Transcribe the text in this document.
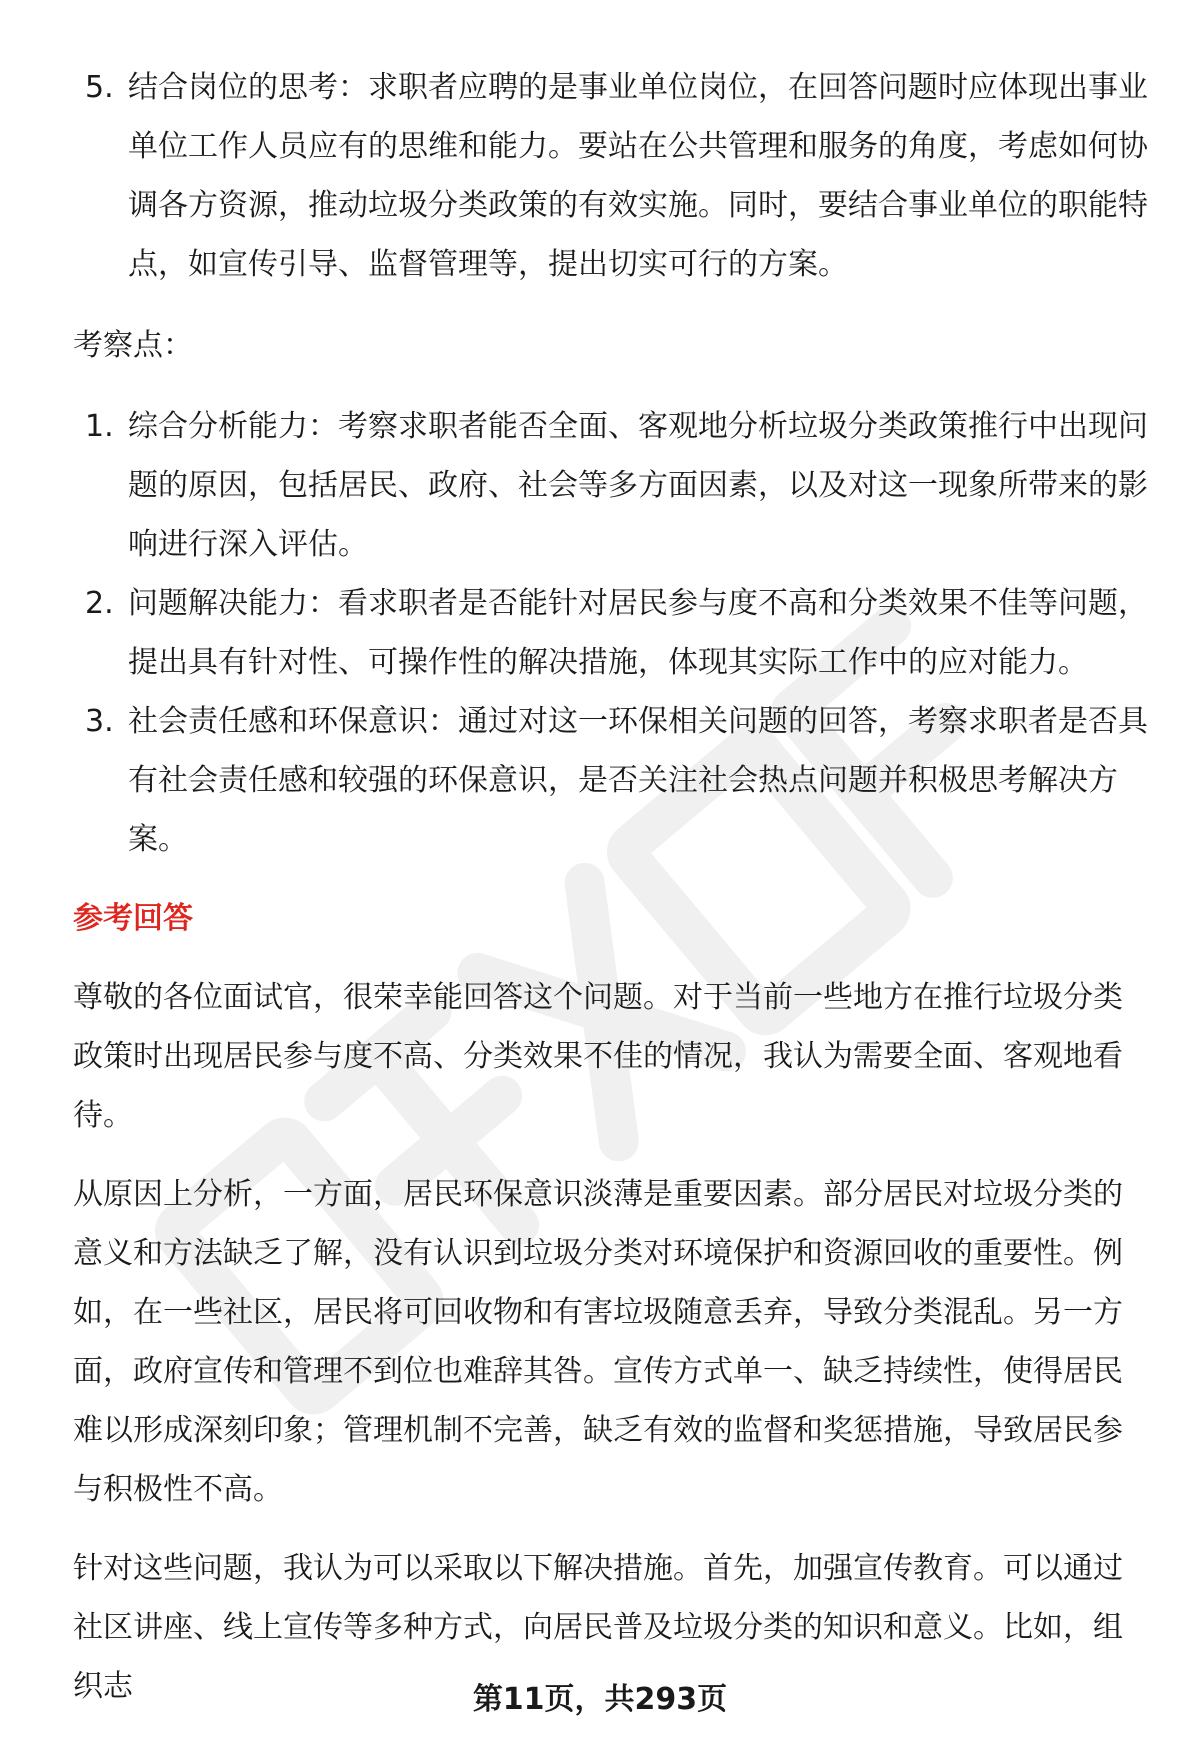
5. 结合岗位的思考：求职者应聘的是事业单位岗位，在回答问题时应体现出事业单位工作人员应有的思维和能力。要站在公共管理和服务的角度，考虑如何协调各方资源，推动垃圾分类政策的有效实施。同时，要结合事业单位的职能特点，如宣传引导、监督管理等，提出切实可行的方案。

考察点：

1. 综合分析能力：考察求职者能否全面、客观地分析垃圾分类政策推行中出现问题的原因，包括居民、政府、社会等多方面因素，以及对这一现象所带来的影响进行深入评估。
2. 问题解决能力：看求职者是否能针对居民参与度不高和分类效果不佳等问题，提出具有针对性、可操作性的解决措施，体现其实际工作中的应对能力。
3. 社会责任感和环保意识：通过对这一环保相关问题的回答，考察求职者是否具有社会责任感和较强的环保意识，是否关注社会热点问题并积极思考解决方案。

参考回答

尊敬的各位面试官，很荣幸能回答这个问题。对于当前一些地方在推行垃圾分类政策时出现居民参与度不高、分类效果不佳的情况，我认为需要全面、客观地看待。

从原因上分析，一方面，居民环保意识淡薄是重要因素。部分居民对垃圾分类的意义和方法缺乏了解，没有认识到垃圾分类对环境保护和资源回收的重要性。例如，在一些社区，居民将可回收物和有害垃圾随意丢弃，导致分类混乱。另一方面，政府宣传和管理不到位也难辞其咎。宣传方式单一、缺乏持续性，使得居民难以形成深刻印象；管理机制不完善，缺乏有效的监督和奖惩措施，导致居民参与积极性不高。

针对这些问题，我认为可以采取以下解决措施。首先，加强宣传教育。可以通过社区讲座、线上宣传等多种方式，向居民普及垃圾分类的知识和意义。比如，组织志	第11页，共293页
